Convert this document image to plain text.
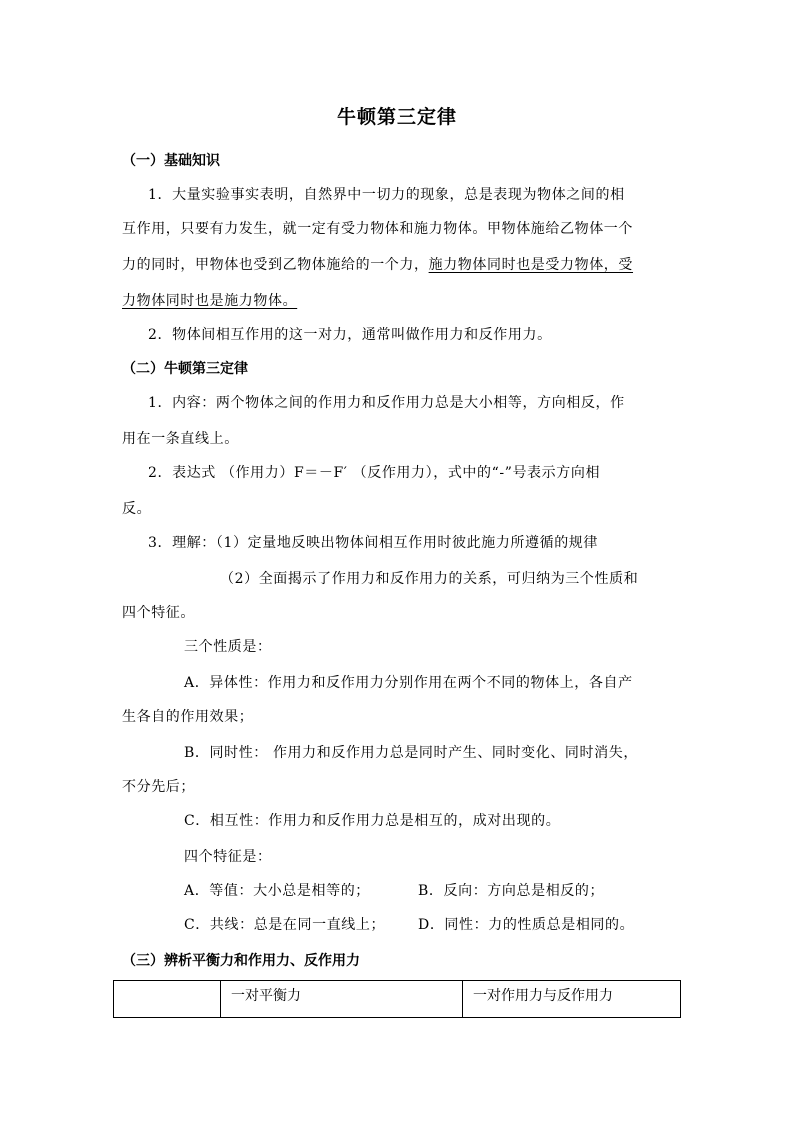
牛顿第三定律
（一）基础知识
1．大量实验事实表明，自然界中一切力的现象，总是表现为物体之间的相
互作用，只要有力发生，就一定有受力物体和施力物体。甲物体施给乙物体一个
力的同时，甲物体也受到乙物体施给的一个力，施力物体同时也是受力物体，受
力物体同时也是施力物体。
2．物体间相互作用的这一对力，通常叫做作用力和反作用力。
（二）牛顿第三定律
1．内容：两个物体之间的作用力和反作用力总是大小相等，方向相反，作
用在一条直线上。
2．表达式 （作用力）F＝－F′ （反作用力），式中的“-”号表示方向相
反。
3．理解：（1）定量地反映出物体间相互作用时彼此施力所遵循的规律
（2）全面揭示了作用力和反作用力的关系，可归纳为三个性质和
四个特征。
三个性质是：
A．异体性：作用力和反作用力分别作用在两个不同的物体上，各自产
生各自的作用效果；
B．同时性： 作用力和反作用力总是同时产生、同时变化、同时消失，
不分先后；
C．相互性：作用力和反作用力总是相互的，成对出现的。
四个特征是：
A．等值：大小总是相等的；	B．反向：方向总是相反的；
C．共线：总是在同一直线上； D．同性：力的性质总是相同的。
（三）辨析平衡力和作用力、反作用力
	一对平衡力	一对作用力与反作用力
